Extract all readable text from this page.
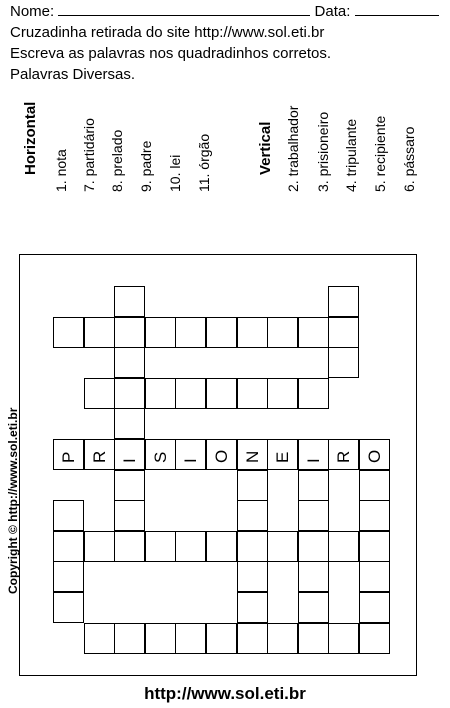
Nome:	Data:
Cruzadinha retirada do site http://www.sol.eti.br
Escreva as palavras nos quadradinhos corretos.
Palavras Diversas.
Horizontal 1. nota 7. partidário 8. prelado 9. padre 10. lei 11. órgão	Vertical 2. trabalhador 3. prisioneiro 4. tripulante 5. recipiente 6. pássaro
P R I S I O N E I R O
Copyright © http://www.sol.eti.br
http://www.sol.eti.br
